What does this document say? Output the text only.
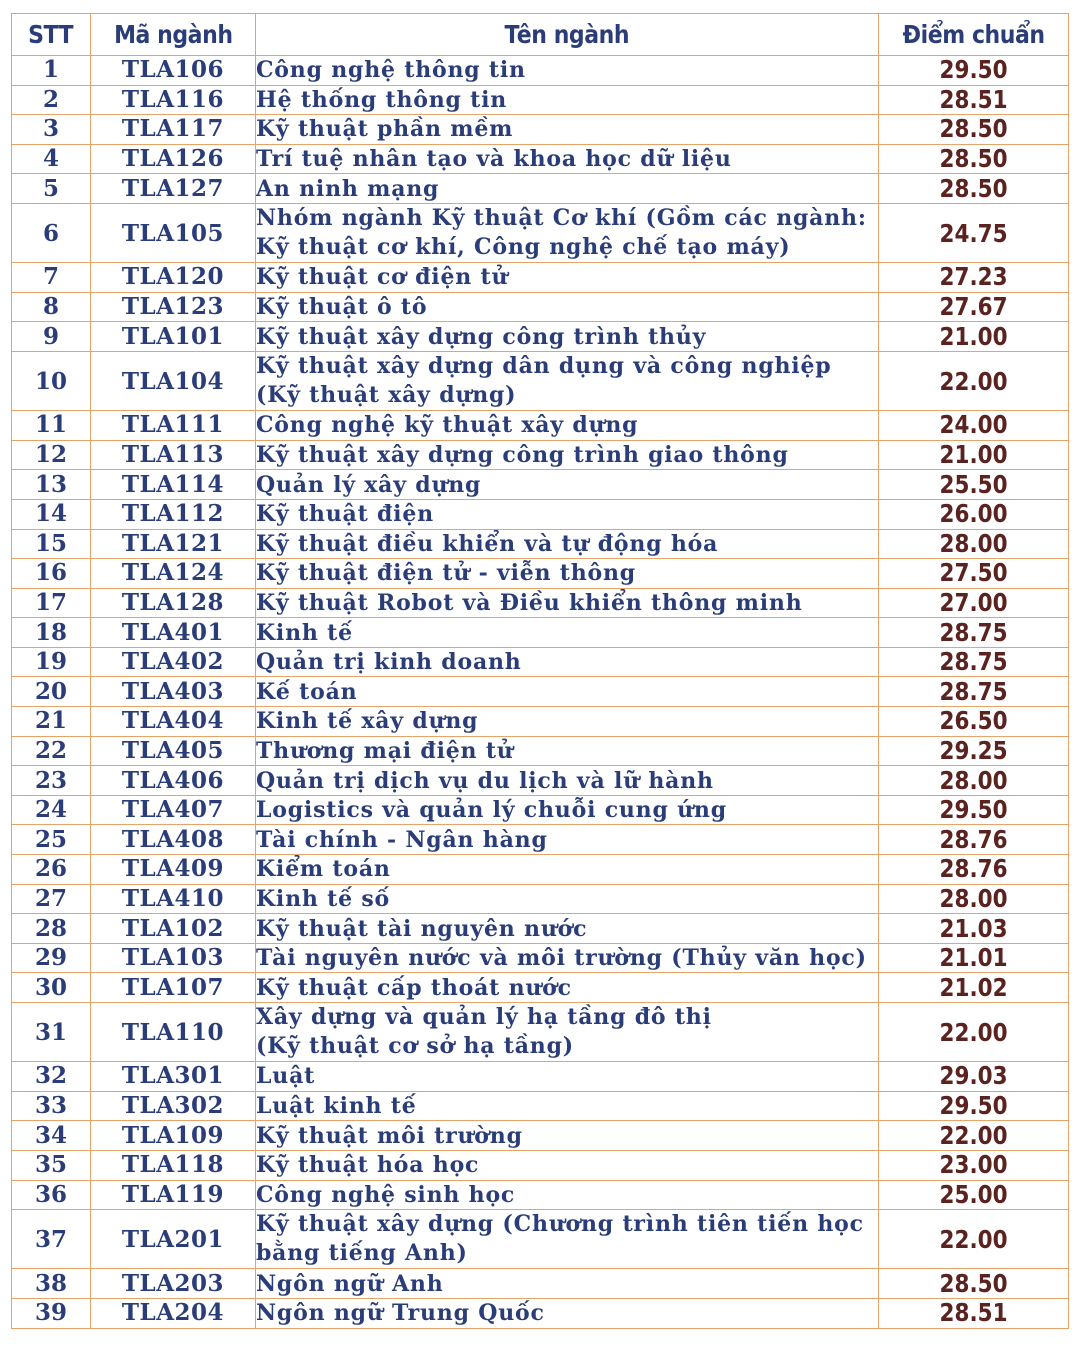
STT	Mã ngành	Tên ngành	Điểm chuẩn
1	TLA106	Công nghệ thông tin	29.50
2	TLA116	Hệ thống thông tin	28.51
3	TLA117	Kỹ thuật phần mềm	28.50
4	TLA126	Trí tuệ nhân tạo và khoa học dữ liệu	28.50
5	TLA127	An ninh mạng	28.50
6	TLA105	Nhóm ngành Kỹ thuật Cơ khí (Gồm các ngành:
Kỹ thuật cơ khí, Công nghệ chế tạo máy)	24.75
7	TLA120	Kỹ thuật cơ điện tử	27.23
8	TLA123	Kỹ thuật ô tô	27.67
9	TLA101	Kỹ thuật xây dựng công trình thủy	21.00
10	TLA104	Kỹ thuật xây dựng dân dụng và công nghiệp
(Kỹ thuật xây dựng)	22.00
11	TLA111	Công nghệ kỹ thuật xây dựng	24.00
12	TLA113	Kỹ thuật xây dựng công trình giao thông	21.00
13	TLA114	Quản lý xây dựng	25.50
14	TLA112	Kỹ thuật điện	26.00
15	TLA121	Kỹ thuật điều khiển và tự động hóa	28.00
16	TLA124	Kỹ thuật điện tử - viễn thông	27.50
17	TLA128	Kỹ thuật Robot và Điều khiển thông minh	27.00
18	TLA401	Kinh tế	28.75
19	TLA402	Quản trị kinh doanh	28.75
20	TLA403	Kế toán	28.75
21	TLA404	Kinh tế xây dựng	26.50
22	TLA405	Thương mại điện tử	29.25
23	TLA406	Quản trị dịch vụ du lịch và lữ hành	28.00
24	TLA407	Logistics và quản lý chuỗi cung ứng	29.50
25	TLA408	Tài chính - Ngân hàng	28.76
26	TLA409	Kiểm toán	28.76
27	TLA410	Kinh tế số	28.00
28	TLA102	Kỹ thuật tài nguyên nước	21.03
29	TLA103	Tài nguyên nước và môi trường (Thủy văn học)	21.01
30	TLA107	Kỹ thuật cấp thoát nước	21.02
31	TLA110	Xây dựng và quản lý hạ tầng đô thị
(Kỹ thuật cơ sở hạ tầng)	22.00
32	TLA301	Luật	29.03
33	TLA302	Luật kinh tế	29.50
34	TLA109	Kỹ thuật môi trường	22.00
35	TLA118	Kỹ thuật hóa học	23.00
36	TLA119	Công nghệ sinh học	25.00
37	TLA201	Kỹ thuật xây dựng (Chương trình tiên tiến học
bằng tiếng Anh)	22.00
38	TLA203	Ngôn ngữ Anh	28.50
39	TLA204	Ngôn ngữ Trung Quốc	28.51
